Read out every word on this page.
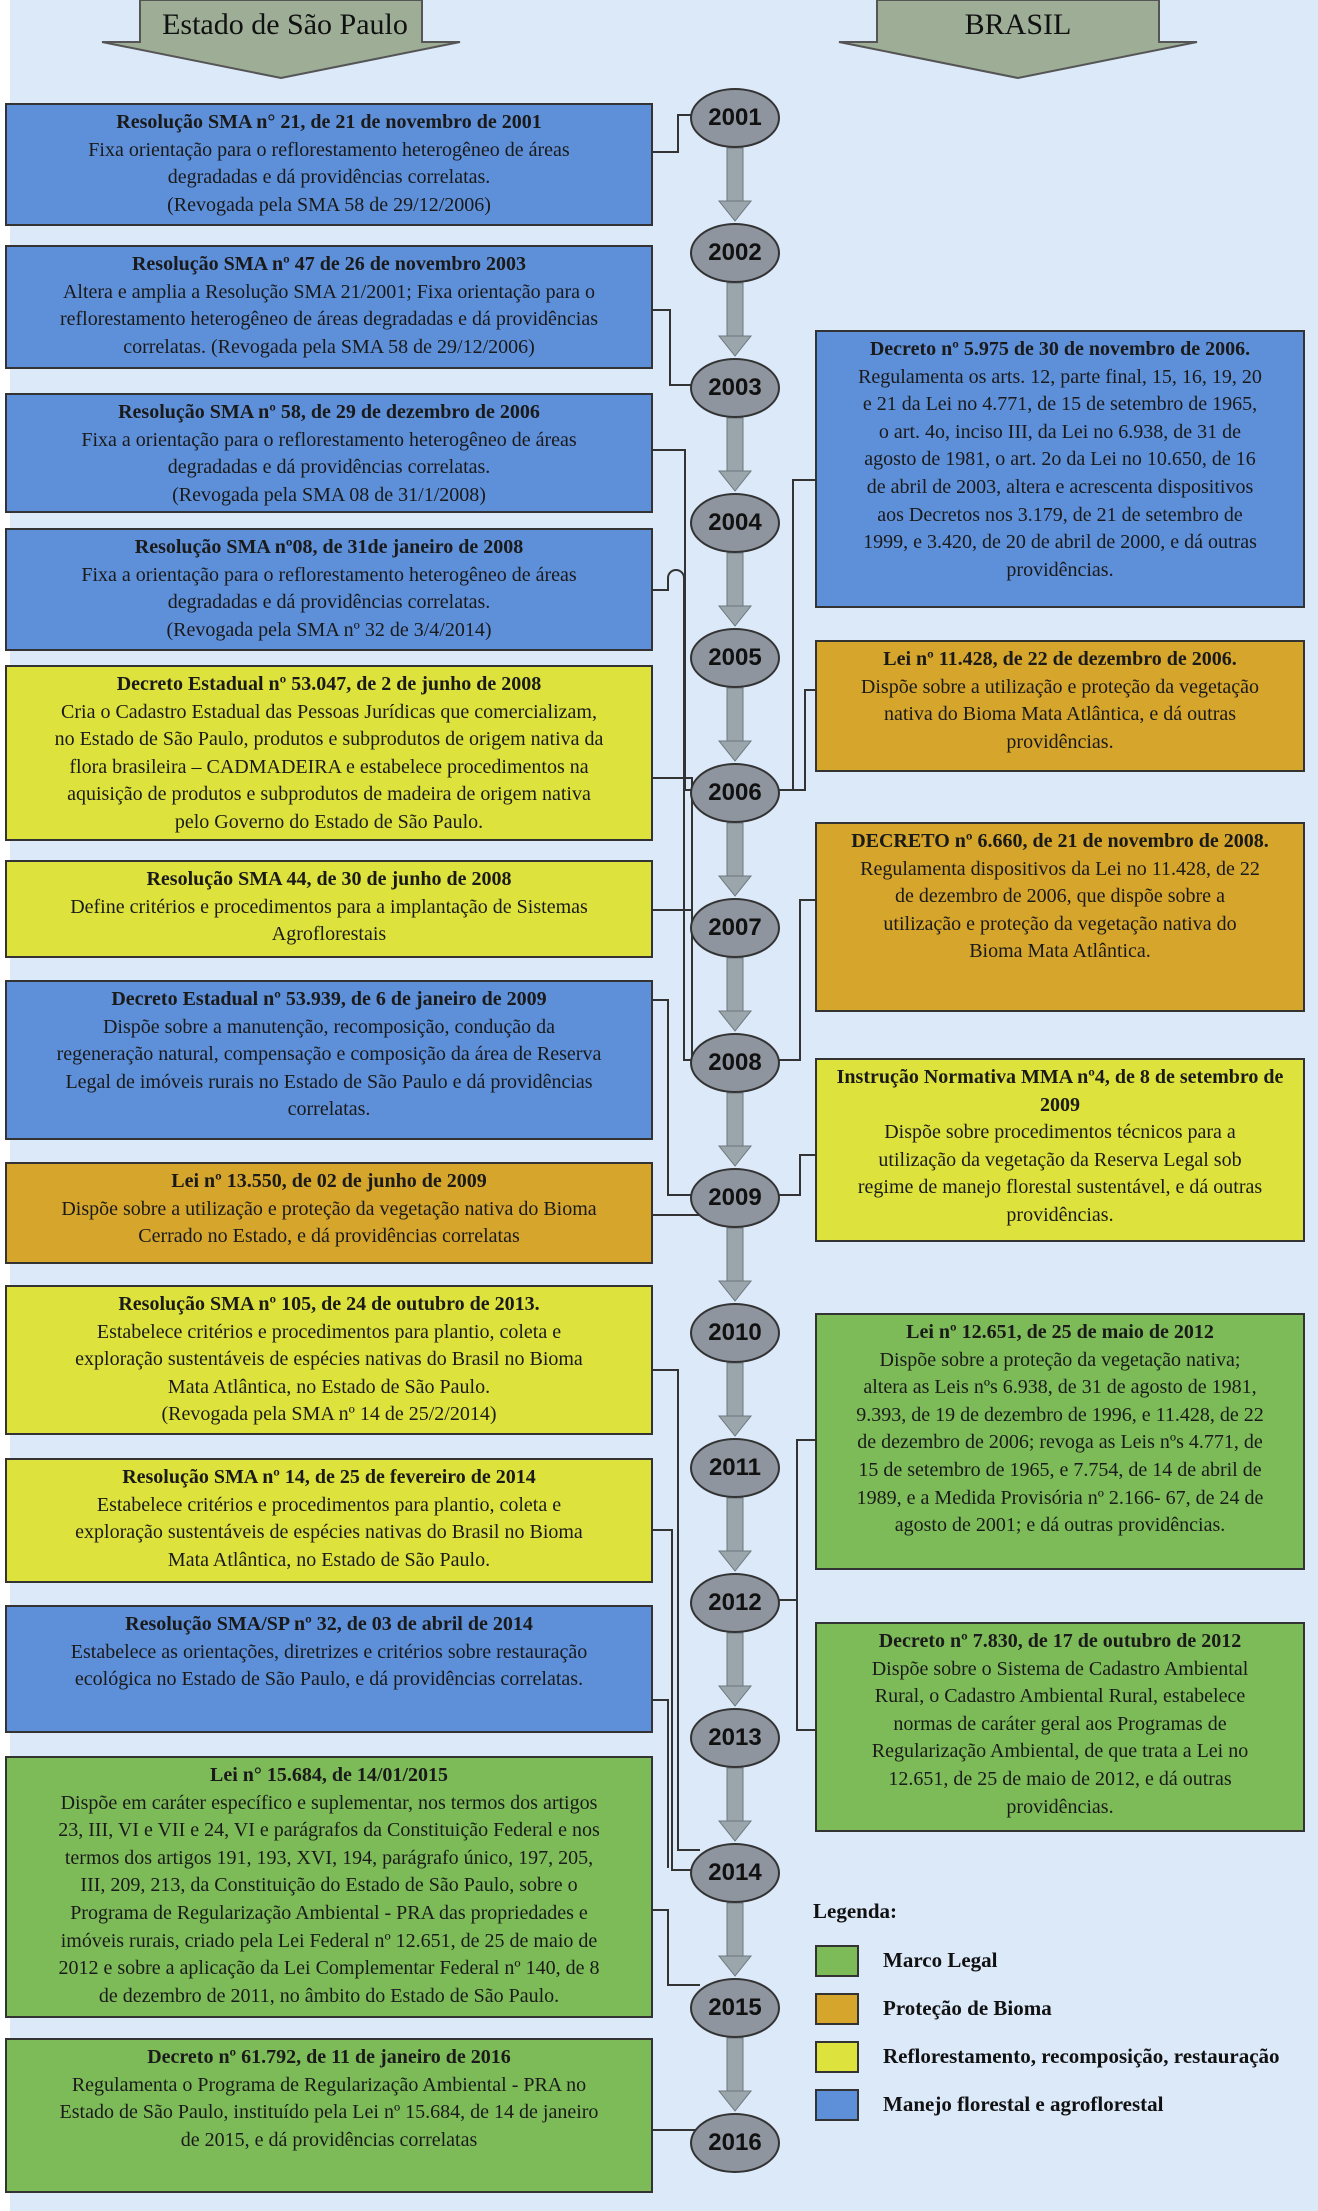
Estado de São Paulo	BRASIL
2001
2002
2003
2004
2005
2006
2007
2008
2009
2010
2011
2012
2013
2014
2015
2016
Resolução SMA n° 21, de 21 de novembro de 2001
Fixa orientação para o reflorestamento heterogêneo de áreas
degradadas e dá providências correlatas.
(Revogada pela SMA 58 de 29/12/2006)
Resolução SMA nº 47 de 26 de novembro 2003
Altera e amplia a Resolução SMA 21/2001; Fixa orientação para o
reflorestamento heterogêneo de áreas degradadas e dá providências
correlatas. (Revogada pela SMA 58 de 29/12/2006)
Resolução SMA nº 58, de 29 de dezembro de 2006
Fixa a orientação para o reflorestamento heterogêneo de áreas
degradadas e dá providências correlatas.
(Revogada pela SMA 08 de 31/1/2008)
Resolução SMA nº08, de 31de janeiro de 2008
Fixa a orientação para o reflorestamento heterogêneo de áreas
degradadas e dá providências correlatas.
(Revogada pela SMA nº 32 de 3/4/2014)
Decreto Estadual nº 53.047, de 2 de junho de 2008
Cria o Cadastro Estadual das Pessoas Jurídicas que comercializam,
no Estado de São Paulo, produtos e subprodutos de origem nativa da
flora brasileira – CADMADEIRA e estabelece procedimentos na
aquisição de produtos e subprodutos de madeira de origem nativa
pelo Governo do Estado de São Paulo.
Resolução SMA 44, de 30 de junho de 2008
Define critérios e procedimentos para a implantação de Sistemas
Agroflorestais
Decreto Estadual nº 53.939, de 6 de janeiro de 2009
Dispõe sobre a manutenção, recomposição, condução da
regeneração natural, compensação e composição da área de Reserva
Legal de imóveis rurais no Estado de São Paulo e dá providências
correlatas.
Lei nº 13.550, de 02 de junho de 2009
Dispõe sobre a utilização e proteção da vegetação nativa do Bioma
Cerrado no Estado, e dá providências correlatas
Resolução SMA nº 105, de 24 de outubro de 2013.
Estabelece critérios e procedimentos para plantio, coleta e
exploração sustentáveis de espécies nativas do Brasil no Bioma
Mata Atlântica, no Estado de São Paulo.
(Revogada pela SMA nº 14 de 25/2/2014)
Resolução SMA nº 14, de 25 de fevereiro de 2014
Estabelece critérios e procedimentos para plantio, coleta e
exploração sustentáveis de espécies nativas do Brasil no Bioma
Mata Atlântica, no Estado de São Paulo.
Resolução SMA/SP nº 32, de 03 de abril de 2014
Estabelece as orientações, diretrizes e critérios sobre restauração
ecológica no Estado de São Paulo, e dá providências correlatas.
Lei n° 15.684, de 14/01/2015
Dispõe em caráter específico e suplementar, nos termos dos artigos
23, III, VI e VII e 24, VI e parágrafos da Constituição Federal e nos
termos dos artigos 191, 193, XVI, 194, parágrafo único, 197, 205,
III, 209, 213, da Constituição do Estado de São Paulo, sobre o
Programa de Regularização Ambiental - PRA das propriedades e
imóveis rurais, criado pela Lei Federal nº 12.651, de 25 de maio de
2012 e sobre a aplicação da Lei Complementar Federal nº 140, de 8
de dezembro de 2011, no âmbito do Estado de São Paulo.
Decreto nº 61.792, de 11 de janeiro de 2016
Regulamenta o Programa de Regularização Ambiental - PRA no
Estado de São Paulo, instituído pela Lei nº 15.684, de 14 de janeiro
de 2015, e dá providências correlatas
Decreto nº 5.975 de 30 de novembro de 2006.
Regulamenta os arts. 12, parte final, 15, 16, 19, 20
e 21 da Lei no 4.771, de 15 de setembro de 1965,
o art. 4o, inciso III, da Lei no 6.938, de 31 de
agosto de 1981, o art. 2o da Lei no 10.650, de 16
de abril de 2003, altera e acrescenta dispositivos
aos Decretos nos 3.179, de 21 de setembro de
1999, e 3.420, de 20 de abril de 2000, e dá outras
providências.
Lei nº 11.428, de 22 de dezembro de 2006.
Dispõe sobre a utilização e proteção da vegetação
nativa do Bioma Mata Atlântica, e dá outras
providências.
DECRETO nº 6.660, de 21 de novembro de 2008.
Regulamenta dispositivos da Lei no 11.428, de 22
de dezembro de 2006, que dispõe sobre a
utilização e proteção da vegetação nativa do
Bioma Mata Atlântica.
Instrução Normativa MMA nº4, de 8 de setembro de 2009
Dispõe sobre procedimentos técnicos para a
utilização da vegetação da Reserva Legal sob
regime de manejo florestal sustentável, e dá outras
providências.
Lei nº 12.651, de 25 de maio de 2012
Dispõe sobre a proteção da vegetação nativa;
altera as Leis nºs 6.938, de 31 de agosto de 1981,
9.393, de 19 de dezembro de 1996, e 11.428, de 22
de dezembro de 2006; revoga as Leis nºs 4.771, de
15 de setembro de 1965, e 7.754, de 14 de abril de
1989, e a Medida Provisória nº 2.166- 67, de 24 de
agosto de 2001; e dá outras providências.
Decreto nº 7.830, de 17 de outubro de 2012
Dispõe sobre o Sistema de Cadastro Ambiental
Rural, o Cadastro Ambiental Rural, estabelece
normas de caráter geral aos Programas de
Regularização Ambiental, de que trata a Lei no
12.651, de 25 de maio de 2012, e dá outras
providências.
Legenda:
Marco Legal
Proteção de Bioma
Reflorestamento, recomposição, restauração
Manejo florestal e agroflorestal
